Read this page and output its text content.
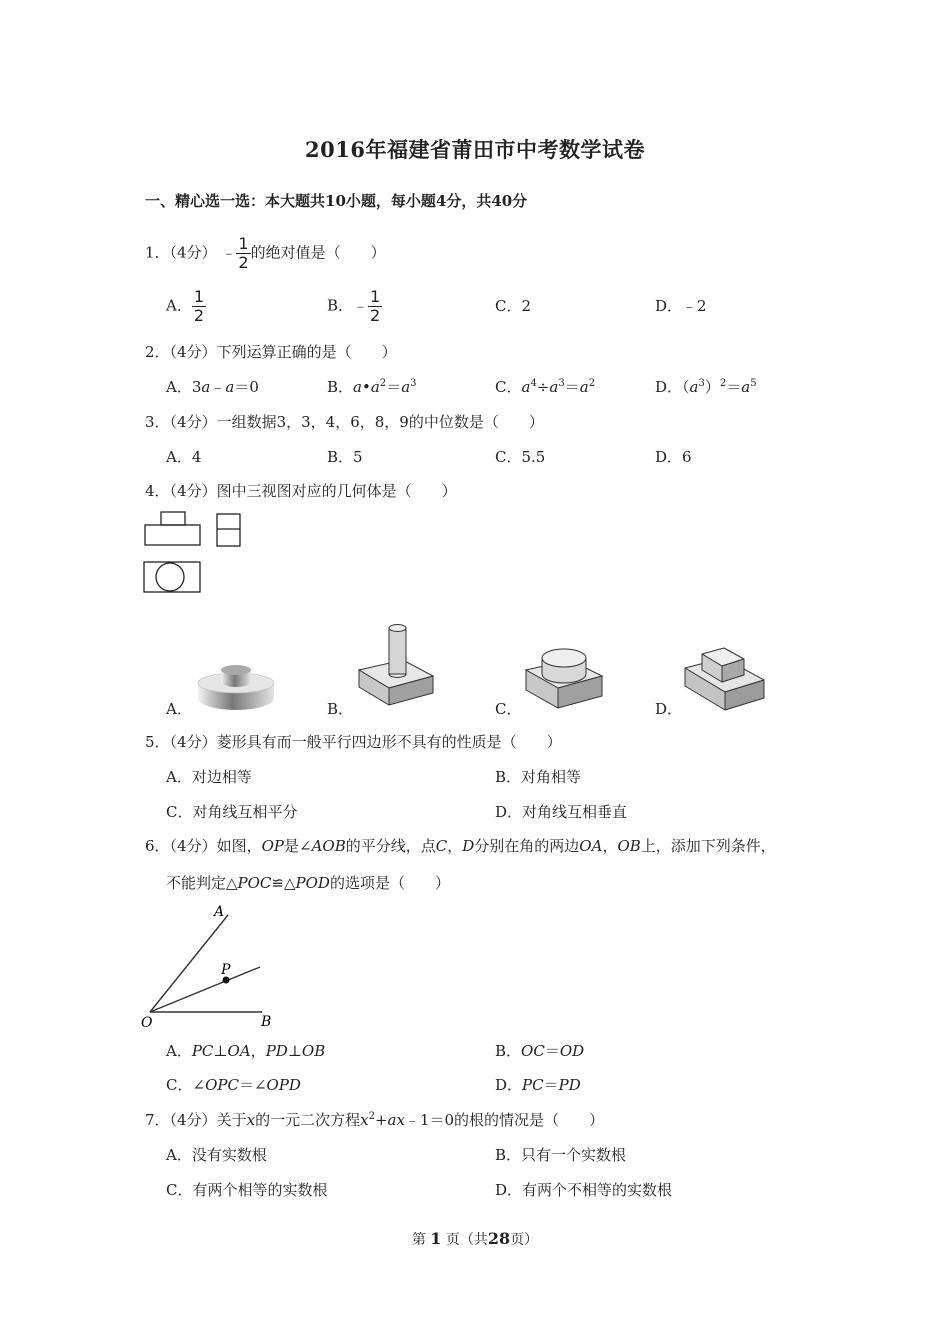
2016年福建省莆田市中考数学试卷
一、精心选一选：本大题共10小题，每小题4分，共40分
1．（4分） ﹣ $\frac{1}{2}$ 的绝对值是（　　）
A． $\frac{1}{2}$	B．﹣ $\frac{1}{2}$	C．2	D．﹣2
2．（4分）下列运算正确的是（　　）
A．3a﹣a＝0	B．$a•a^2=a^3$	C．$a^4\div a^3=a^2$	D．$(a^3)^2=a^5$
3．（4分）一组数据3，3，4，6，8，9的中位数是（　　）
A．4	B．5	C．5.5	D．6
4．（4分）图中三视图对应的几何体是（　　）
A．	B．	C．	D．
5．（4分）菱形具有而一般平行四边形不具有的性质是（　　）
A．对边相等	B．对角相等
C．对角线互相平分	D．对角线互相垂直
6．（4分）如图，OP是∠AOB的平分线，点C，D分别在角的两边OA，OB上，添加下列条件，
不能判定△POC≌△POD的选项是（　　）
A
P
O	B
A．PC⊥OA，PD⊥OB	B．OC＝OD
C．∠OPC＝∠OPD	D．PC＝PD
7．（4分）关于x的一元二次方程$x^2+ax﹣1=0$的根的情况是（　　）
A．没有实数根	B．只有一个实数根
C．有两个相等的实数根	D．有两个不相等的实数根
第 1 页（共28页）
